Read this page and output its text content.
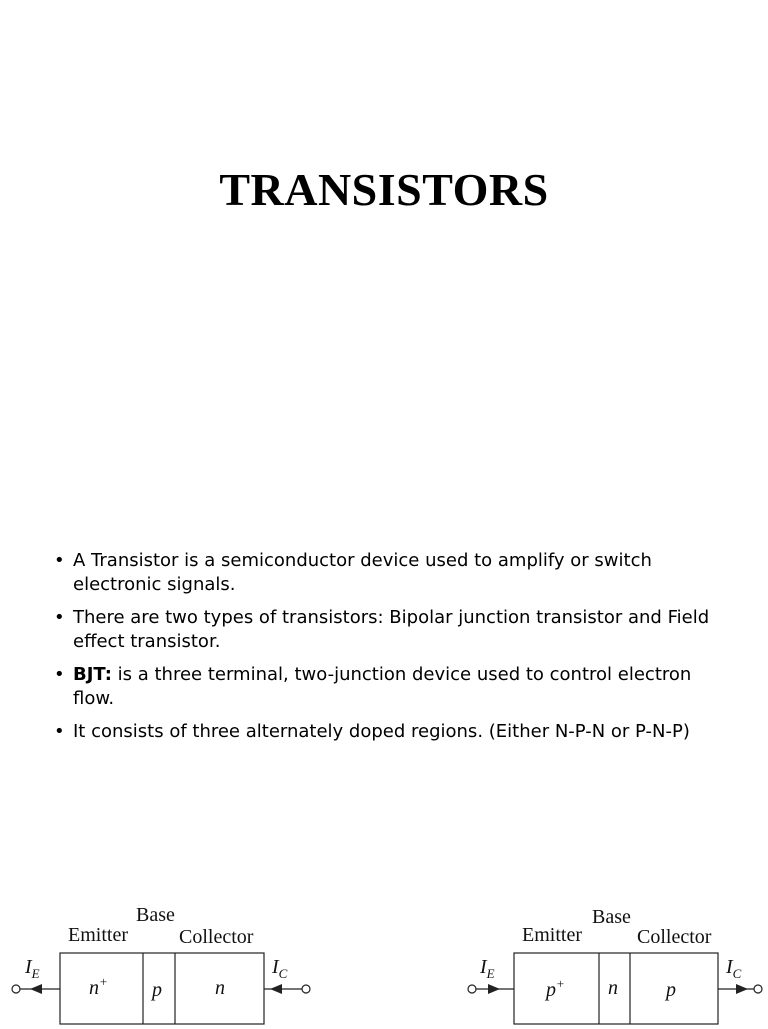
TRANSISTORS
• A Transistor is a semiconductor device used to amplify or switch electronic signals.
• There are two types of transistors: Bipolar junction transistor and Field effect transistor.
• BJT: is a three terminal, two-junction device used to control electron flow.
• It consists of three alternately doped regions. (Either N-P-N or P-N-P)
Base
Emitter	Collector
$I_E$	$I_C$
n+ p	n
Base
Emitter	Collector
$I_E$	$I_C$
p+ n p
